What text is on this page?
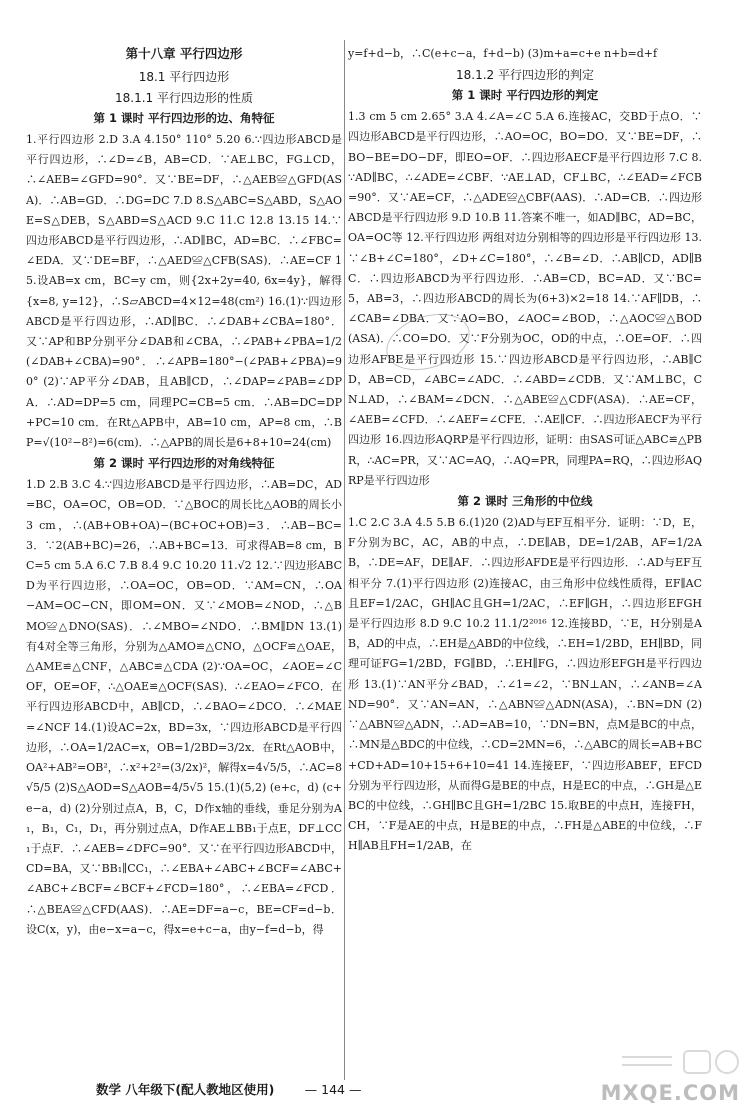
第十八章 平行四边形
18.1 平行四边形
18.1.1 平行四边形的性质
第 1 课时 平行四边形的边、角特征

1.平行四边形 2.D 3.A 4.150° 110° 5.20 6.∵四边形ABCD是平行四边形，∴∠D=∠B，AB=CD．∵AE⊥BC，FG⊥CD，∴∠AEB=∠GFD=90°．又∵BE=DF，∴△AEB≌△GFD(ASA)．∴AB=GD．∴DG=DC 7.D 8.S△ABC=S△ABD，S△AOE=S△DEB，S△ABD=S△ACD 9.C 11.C 12.8 13.15 14.∵四边形ABCD是平行四边形，∴AD∥BC，AD=BC．∴∠FBC=∠EDA．又∵DE=BF，∴△AED≌△CFB(SAS)．∴AE=CF 15.设AB=x cm，BC=y cm，则{2x+2y=40, 6x=4y}，解得{x=8, y=12}，∴S▱ABCD=4×12=48(cm²) 16.(1)∵四边形ABCD是平行四边形，∴AD∥BC．∴∠DAB+∠CBA=180°．又∵AP和BP分别平分∠DAB和∠CBA，∴∠PAB+∠PBA=1/2(∠DAB+∠CBA)=90°．∴∠APB=180°−(∠PAB+∠PBA)=90° (2)∵AP平分∠DAB，且AB∥CD，∴∠DAP=∠PAB=∠DPA．∴AD=DP=5 cm，同理PC=CB=5 cm．∴AB=DC=DP+PC=10 cm．在Rt△APB中，AB=10 cm，AP=8 cm，∴BP=√(10²−8²)=6(cm)．∴△APB的周长是6+8+10=24(cm)

第 2 课时 平行四边形的对角线特征

1.D 2.B 3.C 4.∵四边形ABCD是平行四边形，∴AB=DC，AD=BC，OA=OC，OB=OD．∵△BOC的周长比△AOB的周长小3 cm，∴(AB+OB+OA)−(BC+OC+OB)=3．∴AB−BC=3．∵2(AB+BC)=26，∴AB+BC=13．可求得AB=8 cm，BC=5 cm 5.A 6.C 7.B 8.4 9.C 10.20 11.√2 12.∵四边形ABCD为平行四边形，∴OA=OC，OB=OD．∵AM=CN，∴OA−AM=OC−CN，即OM=ON．又∵∠MOB=∠NOD，∴△BMO≌△DNO(SAS)．∴∠MBO=∠NDO．∴BM∥DN 13.(1)有4对全等三角形，分别为△AMO≌△CNO，△OCF≌△OAE，△AME≌△CNF，△ABC≌△CDA (2)∵OA=OC，∠AOE=∠COF，OE=OF，∴△OAE≌△OCF(SAS)．∴∠EAO=∠FCO．在平行四边形ABCD中，AB∥CD，∴∠BAO=∠DCO．∴∠MAE=∠NCF 14.(1)设AC=2x，BD=3x，∵四边形ABCD是平行四边形，∴OA=1/2AC=x，OB=1/2BD=3/2x．在Rt△AOB中，OA²+AB²=OB²，∴x²+2²=(3/2x)²，解得x=4√5/5，∴AC=8√5/5 (2)S△AOD=S△AOB=4/5√5 15.(1)(5,2) (e+c，d) (c+e−a，d) (2)分别过点A，B，C，D作x轴的垂线，垂足分别为A₁，B₁，C₁，D₁，再分别过点A，D作AE⊥BB₁于点E，DF⊥CC₁于点F．∴∠AEB=∠DFC=90°．又∵在平行四边形ABCD中，CD=BA，又∵BB₁∥CC₁，∴∠EBA+∠ABC+∠BCF=∠ABC+∠ABC+∠BCF=∠BCF+∠FCD=180°，∴∠EBA=∠FCD．∴△BEA≌△CFD(AAS)．∴AE=DF=a−c，BE=CF=d−b．设C(x，y)，由e−x=a−c，得x=e+c−a，由y−f=d−b，得

y=f+d−b，∴C(e+c−a，f+d−b) (3)m+a=c+e n+b=d+f

18.1.2 平行四边形的判定
第 1 课时 平行四边形的判定

1.3 cm 5 cm 2.65° 3.A 4.∠A=∠C 5.A 6.连接AC，交BD于点O．∵四边形ABCD是平行四边形，∴AO=OC，BO=DO．又∵BE=DF，∴BO−BE=DO−DF，即EO=OF．∴四边形AECF是平行四边形 7.C 8.∵AD∥BC，∴∠ADE=∠CBF．∵AE⊥AD，CF⊥BC，∴∠EAD=∠FCB=90°．又∵AE=CF，∴△ADE≌△CBF(AAS)．∴AD=CB．∴四边形ABCD是平行四边形 9.D 10.B 11.答案不唯一，如AD∥BC，AD=BC，OA=OC等 12.平行四边形 两组对边分别相等的四边形是平行四边形 13.∵∠B+∠C=180°，∠D+∠C=180°，∴∠B=∠D．∴AB∥CD，AD∥BC．∴四边形ABCD为平行四边形．∴AB=CD，BC=AD．又∵BC=5，AB=3，∴四边形ABCD的周长为(6+3)×2=18 14.∵AF∥DB，∴∠CAB=∠DBA．又∵AO=BO，∠AOC=∠BOD，∴△AOC≌△BOD(ASA)．∴CO=DO．又∵F分别为OC，OD的中点，∴OE=OF．∴四边形AFBE是平行四边形 15.∵四边形ABCD是平行四边形，∴AB∥CD，AB=CD，∠ABC=∠ADC．∴∠ABD=∠CDB．又∵AM⊥BC，CN⊥AD，∴∠BAM=∠DCN．∴△ABE≌△CDF(ASA)．∴AE=CF，∠AEB=∠CFD．∴∠AEF=∠CFE．∴AE∥CF．∴四边形AECF为平行四边形 16.四边形AQRP是平行四边形，证明：由SAS可证△ABC≌△PBR，∴AC=PR，又∵AC=AQ，∴AQ=PR，同理PA=RQ，∴四边形AQRP是平行四边形

第 2 课时 三角形的中位线

1.C 2.C 3.A 4.5 5.B 6.(1)20 (2)AD与EF互相平分．证明：∵D，E，F分别为BC，AC，AB的中点，∴DE∥AB，DE=1/2AB，AF=1/2AB，∴DE=AF，DE∥AF．∴四边形AFDE是平行四边形．∴AD与EF互相平分 7.(1)平行四边形 (2)连接AC，由三角形中位线性质得，EF∥AC且EF=1/2AC，GH∥AC且GH=1/2AC，∴EF∥GH，∴四边形EFGH是平行四边形 8.D 9.C 10.2 11.1/2²⁰¹⁶ 12.连接BD，∵E，H分别是AB，AD的中点，∴EH是△ABD的中位线，∴EH=1/2BD，EH∥BD，同理可证FG=1/2BD，FG∥BD，∴EH∥FG，∴四边形EFGH是平行四边形 13.(1)∵AN平分∠BAD，∴∠1=∠2，∵BN⊥AN，∴∠ANB=∠AND=90°．又∵AN=AN，∴△ABN≌△ADN(ASA)，∴BN=DN (2)∵△ABN≌△ADN，∴AD=AB=10，∵DN=BN，点M是BC的中点，∴MN是△BDC的中位线，∴CD=2MN=6，∴△ABC的周长=AB+BC+CD+AD=10+15+6+10=41 14.连接EF，∵四边形ABEF，EFCD分别为平行四边形，从而得G是BE的中点，H是EC的中点，∴GH是△EBC的中位线，∴GH∥BC且GH=1/2BC 15.取BE的中点H，连接FH，CH，∵F是AE的中点，H是BE的中点，∴FH是△ABE的中位线，∴FH∥AB且FH=1/2AB，在

数学 八年级下(配人教地区使用) — 144 —	MXQE.COM
